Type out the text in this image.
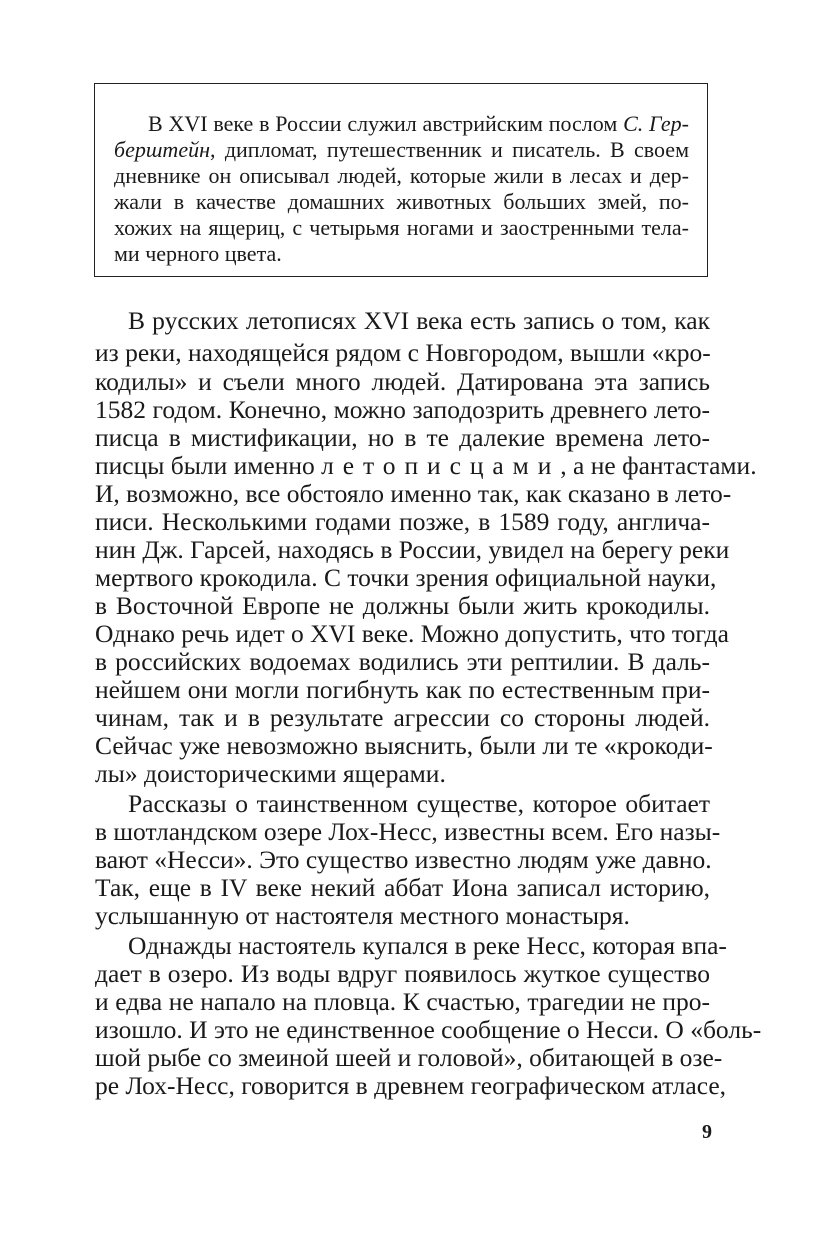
В XVI веке в России служил австрийским послом С. Гер-
берштейн, дипломат, путешественник и писатель. В своем
дневнике он описывал людей, которые жили в лесах и дер-
жали в качестве домашних животных больших змей, по-
хожих на ящериц, с четырьмя ногами и заостренными тела-
ми черного цвета.
В русских летописях XVI века есть запись о том, как
из реки, находящейся рядом с Новгородом, вышли «кро-
кодилы» и съели много людей. Датирована эта запись
1582 годом. Конечно, можно заподозрить древнего лето-
писца в мистификации, но в те далекие времена лето-
писцы были именно летописцами, а не фантастами.
И, возможно, все обстояло именно так, как сказано в лето-
писи. Несколькими годами позже, в 1589 году, англича-
нин Дж. Гарсей, находясь в России, увидел на берегу реки
мертвого крокодила. С точки зрения официальной науки,
в Восточной Европе не должны были жить крокодилы.
Однако речь идет о XVI веке. Можно допустить, что тогда
в российских водоемах водились эти рептилии. В даль-
нейшем они могли погибнуть как по естественным при-
чинам, так и в результате агрессии со стороны людей.
Сейчас уже невозможно выяснить, были ли те «крокоди-
лы» доисторическими ящерами.
Рассказы о таинственном существе, которое обитает
в шотландском озере Лох-Несс, известны всем. Его назы-
вают «Несси». Это существо известно людям уже давно.
Так, еще в IV веке некий аббат Иона записал историю,
услышанную от настоятеля местного монастыря.
Однажды настоятель купался в реке Несс, которая впа-
дает в озеро. Из воды вдруг появилось жуткое существо
и едва не напало на пловца. К счастью, трагедии не про-
изошло. И это не единственное сообщение о Несси. О «боль-
шой рыбе со змеиной шеей и головой», обитающей в озе-
ре Лох-Несс, говорится в древнем географическом атласе,
9
